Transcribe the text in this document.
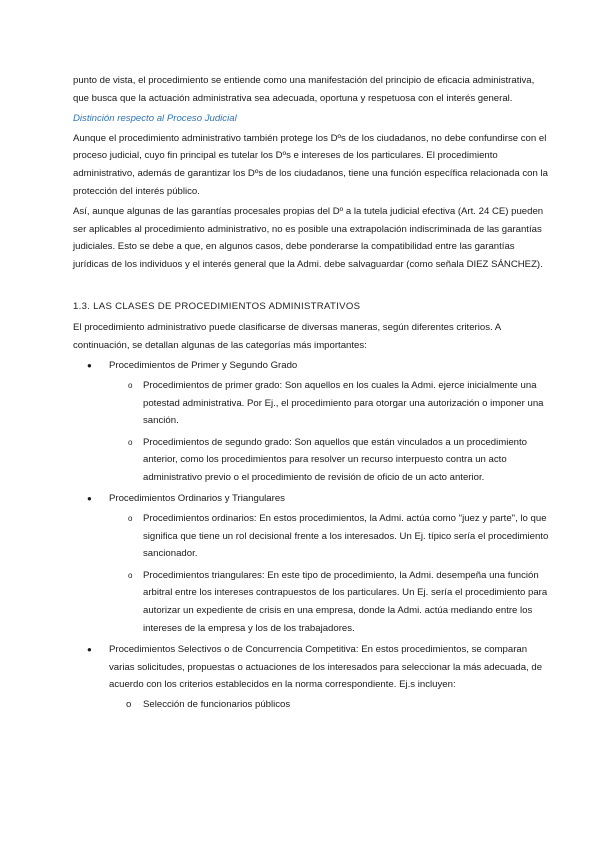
punto de vista, el procedimiento se entiende como una manifestación del principio de eficacia administrativa, que busca que la actuación administrativa sea adecuada, oportuna y respetuosa con el interés general.

Distinción respecto al Proceso Judicial

Aunque el procedimiento administrativo también protege los Dºs de los ciudadanos, no debe confundirse con el proceso judicial, cuyo fin principal es tutelar los Dºs e intereses de los particulares. El procedimiento administrativo, además de garantizar los Dºs de los ciudadanos, tiene una función específica relacionada con la protección del interés público.

Así, aunque algunas de las garantías procesales propias del Dº a la tutela judicial efectiva (Art. 24 CE) pueden ser aplicables al procedimiento administrativo, no es posible una extrapolación indiscriminada de las garantías judiciales. Esto se debe a que, en algunos casos, debe ponderarse la compatibilidad entre las garantías jurídicas de los individuos y el interés general que la Admi. debe salvaguardar (como señala DIEZ SÁNCHEZ).

1.3. LAS CLASES DE PROCEDIMIENTOS ADMINISTRATIVOS

El procedimiento administrativo puede clasificarse de diversas maneras, según diferentes criterios. A continuación, se detallan algunas de las categorías más importantes:

● Procedimientos de Primer y Segundo Grado
o Procedimientos de primer grado: Son aquellos en los cuales la Admi. ejerce inicialmente una potestad administrativa. Por Ej., el procedimiento para otorgar una autorización o imponer una sanción.
o Procedimientos de segundo grado: Son aquellos que están vinculados a un procedimiento anterior, como los procedimientos para resolver un recurso interpuesto contra un acto administrativo previo o el procedimiento de revisión de oficio de un acto anterior.
● Procedimientos Ordinarios y Triangulares
o Procedimientos ordinarios: En estos procedimientos, la Admi. actúa como "juez y parte", lo que significa que tiene un rol decisional frente a los interesados. Un Ej. típico sería el procedimiento sancionador.
o Procedimientos triangulares: En este tipo de procedimiento, la Admi. desempeña una función arbitral entre los intereses contrapuestos de los particulares. Un Ej. sería el procedimiento para autorizar un expediente de crisis en una empresa, donde la Admi. actúa mediando entre los intereses de la empresa y los de los trabajadores.
● Procedimientos Selectivos o de Concurrencia Competitiva: En estos procedimientos, se comparan varias solicitudes, propuestas o actuaciones de los interesados para seleccionar la más adecuada, de acuerdo con los criterios establecidos en la norma correspondiente. Ej.s incluyen:
o Selección de funcionarios públicos
